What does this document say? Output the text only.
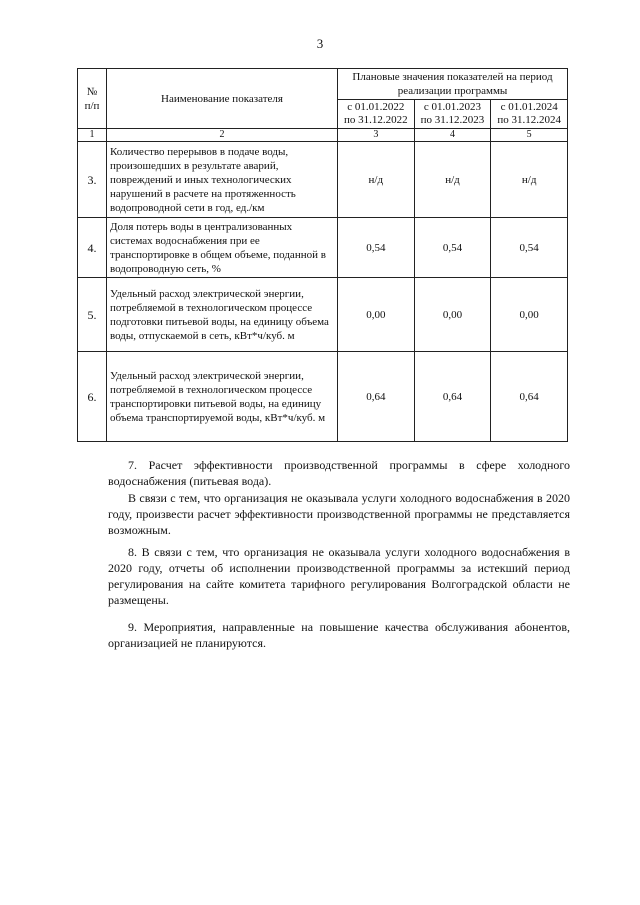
3
№ п/п	Наименование показателя	Плановые значения показателей на период реализации программы		
		с 01.01.2022 по 31.12.2022	с 01.01.2023 по 31.12.2023	с 01.01.2024 по 31.12.2024
1	2	3	4	5
3.	Количество перерывов в подаче воды, произошедших в результате аварий, повреждений и иных технологических нарушений в расчете на протяженность водопроводной сети в год, ед./км	н/д	н/д	н/д
4.	Доля потерь воды в централизованных системах водоснабжения при ее транспортировке в общем объеме, поданной в водопроводную сеть, %	0,54	0,54	0,54
5.	Удельный расход электрической энергии, потребляемой в технологическом процессе подготовки питьевой воды, на единицу объема воды, отпускаемой в сеть, кВт*ч/куб. м	0,00	0,00	0,00
6.	Удельный расход электрической энергии, потребляемой в технологическом процессе транспортировки питьевой воды, на единицу объема транспортируемой воды, кВт*ч/куб. м	0,64	0,64	0,64

7. Расчет эффективности производственной программы в сфере холодного водоснабжения (питьевая вода).

В связи с тем, что организация не оказывала услуги холодного водоснабжения в 2020 году, произвести расчет эффективности производственной программы не представляется возможным.

8. В связи с тем, что организация не оказывала услуги холодного водоснабжения в 2020 году, отчеты об исполнении производственной программы за истекший период регулирования на сайте комитета тарифного регулирования Волгоградской области не размещены.

9. Мероприятия, направленные на повышение качества обслуживания абонентов, организацией не планируются.
